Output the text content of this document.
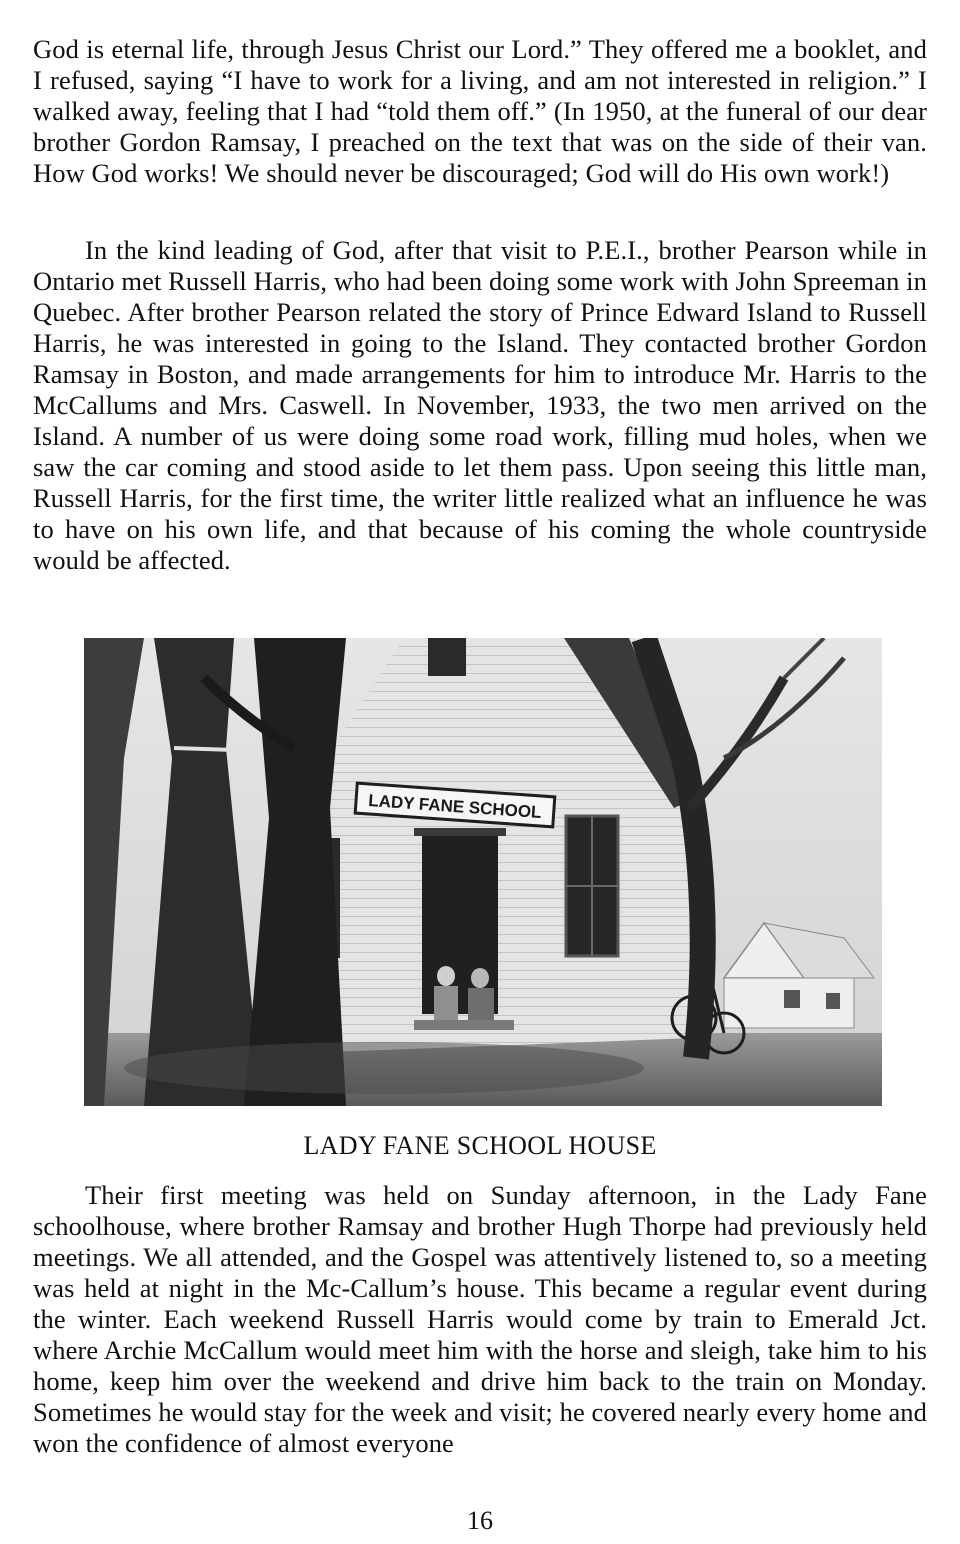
God is eternal life, through Jesus Christ our Lord.” They offered me a booklet, and I refused, saying “I have to work for a living, and am not interested in religion.” I walked away, feeling that I had “told them off.” (In 1950, at the funeral of our dear brother Gordon Ramsay, I preached on the text that was on the side of their van. How God works! We should never be discouraged; God will do His own work!)

In the kind leading of God, after that visit to P.E.I., brother Pearson while in Ontario met Russell Harris, who had been doing some work with John Spreeman in Quebec. After brother Pearson related the story of Prince Edward Island to Russell Harris, he was interested in going to the Island. They contacted brother Gordon Ramsay in Boston, and made arrangements for him to introduce Mr. Harris to the McCallums and Mrs. Caswell. In November, 1933, the two men arrived on the Island. A number of us were doing some road work, filling mud holes, when we saw the car coming and stood aside to let them pass. Upon seeing this little man, Russell Harris, for the first time, the writer little realized what an influence he was to have on his own life, and that because of his coming the whole countryside would be affected.

LADY FANE SCHOOL
LADY FANE SCHOOL HOUSE

Their first meeting was held on Sunday afternoon, in the Lady Fane schoolhouse, where brother Ramsay and brother Hugh Thorpe had previously held meetings. We all attended, and the Gospel was attentively listened to, so a meeting was held at night in the Mc-Callum’s house. This became a regular event during the winter. Each weekend Russell Harris would come by train to Emerald Jct. where Archie McCallum would meet him with the horse and sleigh, take him to his home, keep him over the weekend and drive him back to the train on Monday. Sometimes he would stay for the week and visit; he covered nearly every home and won the confidence of almost everyone

16
